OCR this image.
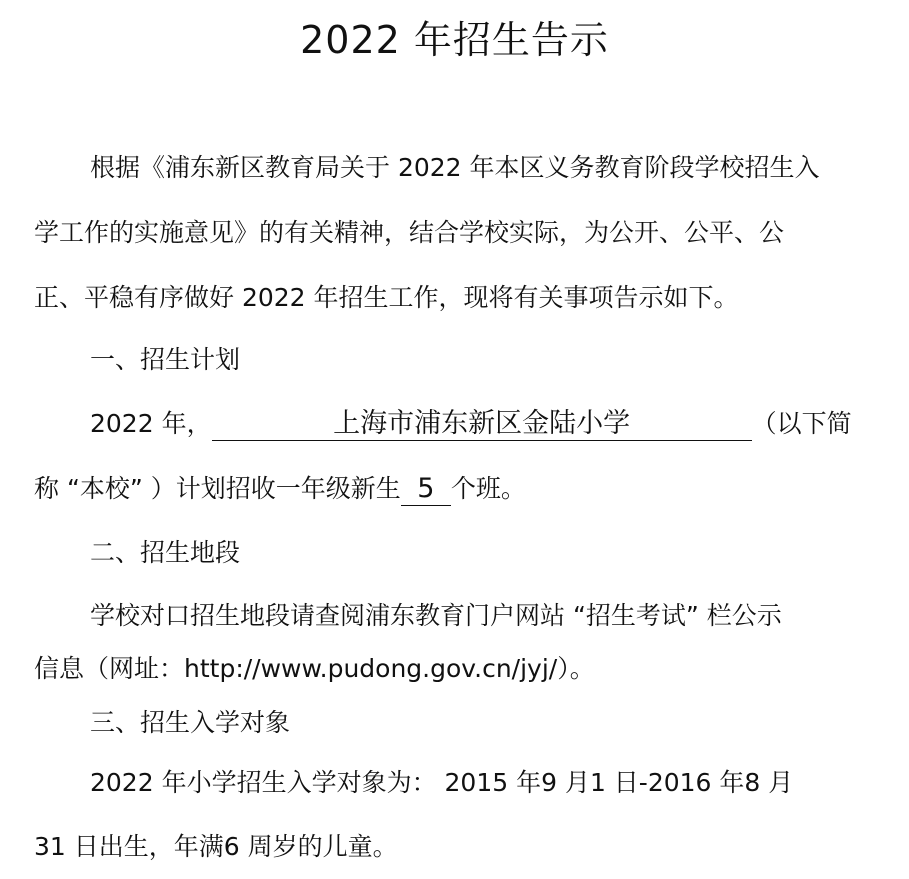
2022 年招生告示
根据《浦东新区教育局关于 2022 年本区义务教育阶段学校招生入
学工作的实施意见》的有关精神，结合学校实际，为公开、公平、公
正、平稳有序做好 2022 年招生工作，现将有关事项告示如下。
一、招生计划
2022 年，	上海市浦东新区金陆小学	（以下简
称 “本校” ）计划招收一年级新生 5 个班。
二、招生地段
学校对口招生地段请查阅浦东教育门户网站 “招生考试” 栏公示
信息（网址：http://www.pudong.gov.cn/jyj/）。
三、招生入学对象
2022 年小学招生入学对象为： 2015 年9 月1 日-2016 年8 月
31 日出生，年满6 周岁的儿童。
